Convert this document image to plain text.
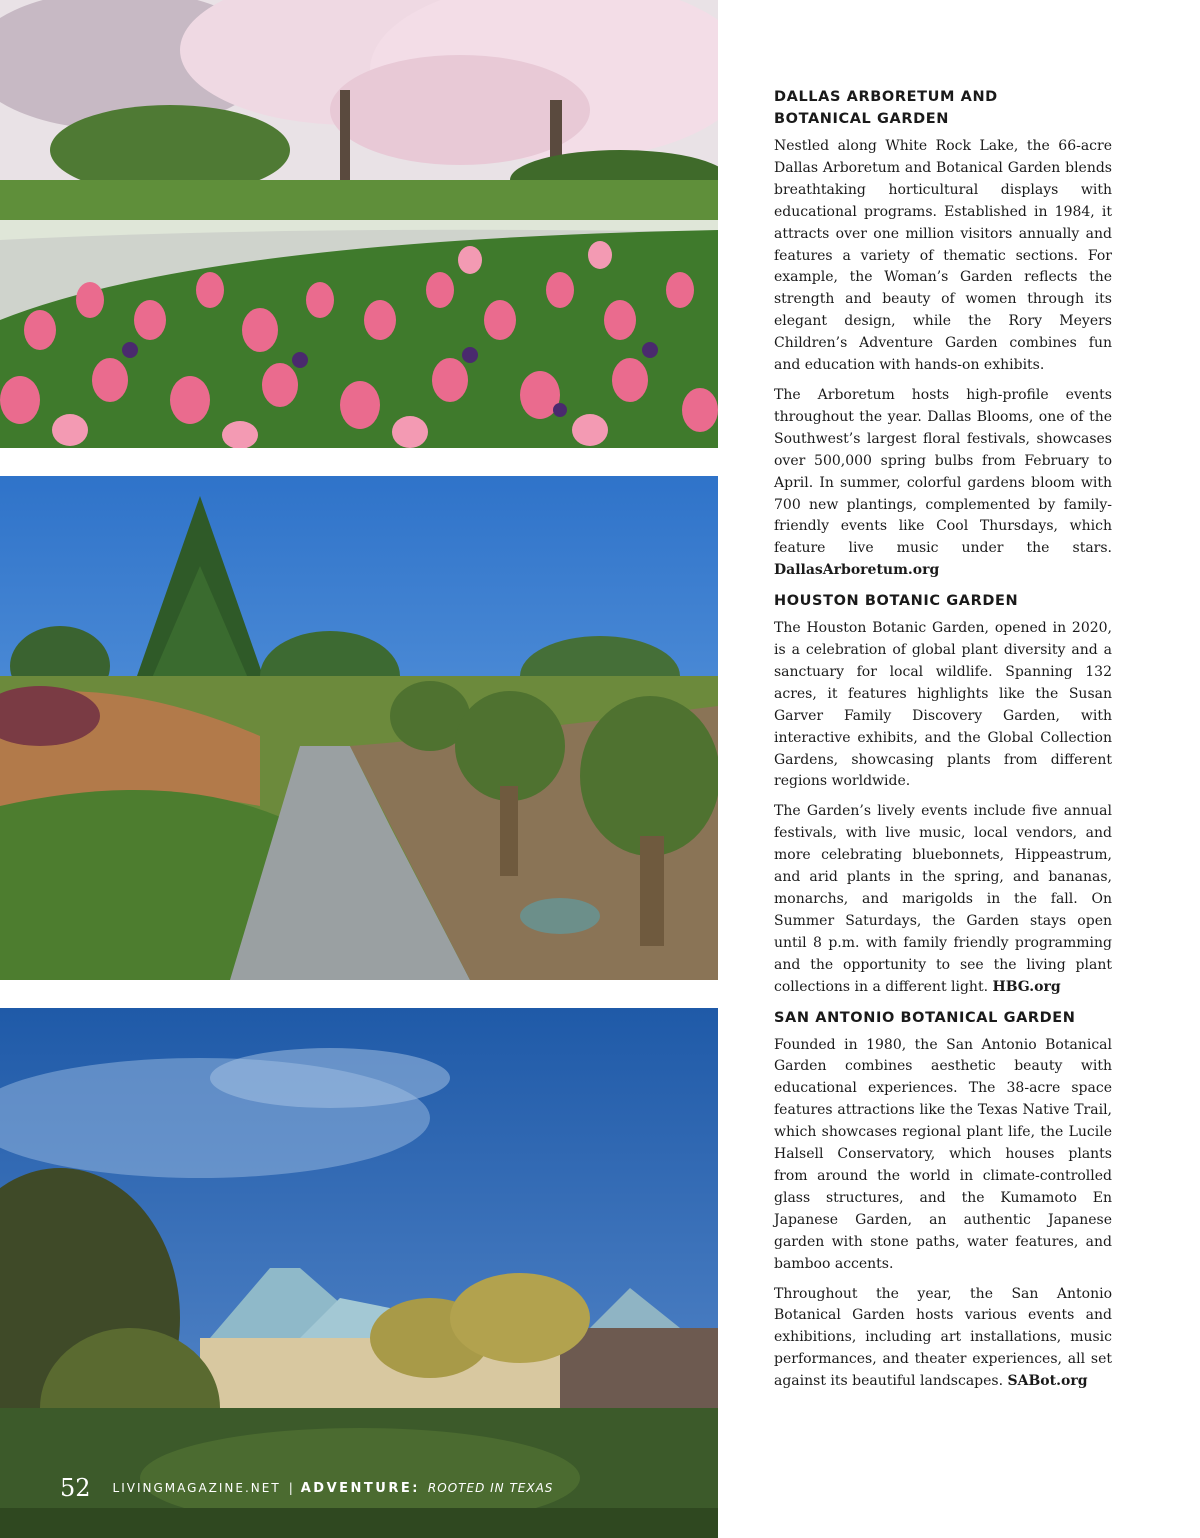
DALLAS ARBORETUM AND
BOTANICAL GARDEN

Nestled along White Rock Lake, the 66-acre Dallas Arboretum and Botanical Garden blends breathtaking horticultural displays with educational programs. Established in 1984, it attracts over one million visitors annually and features a variety of thematic sections. For example, the Woman’s Garden reflects the strength and beauty of women through its elegant design, while the Rory Meyers Children’s Adventure Garden combines fun and education with hands-on exhibits.

The Arboretum hosts high-profile events throughout the year. Dallas Blooms, one of the Southwest’s largest floral festivals, showcases over 500,000 spring bulbs from February to April. In summer, colorful gardens bloom with 700 new plantings, complemented by family-friendly events like Cool Thursdays, which feature live music under the stars. DallasArboretum.org

HOUSTON BOTANIC GARDEN

The Houston Botanic Garden, opened in 2020, is a celebration of global plant diversity and a sanctuary for local wildlife. Spanning 132 acres, it features highlights like the Susan Garver Family Discovery Garden, with interactive exhibits, and the Global Collection Gardens, showcasing plants from different regions worldwide.

The Garden’s lively events include five annual festivals, with live music, local vendors, and more celebrating bluebonnets, Hippeastrum, and arid plants in the spring, and bananas, monarchs, and marigolds in the fall. On Summer Saturdays, the Garden stays open until 8 p.m. with family friendly programming and the opportunity to see the living plant collections in a different light. HBG.org

SAN ANTONIO BOTANICAL GARDEN

Founded in 1980, the San Antonio Botanical Garden combines aesthetic beauty with educational experiences. The 38-acre space features attractions like the Texas Native Trail, which showcases regional plant life, the Lucile Halsell Conservatory, which houses plants from around the world in climate-controlled glass structures, and the Kumamoto En Japanese Garden, an authentic Japanese garden with stone paths, water features, and bamboo accents.

Throughout the year, the San Antonio Botanical Garden hosts various events and exhibitions, including art installations, music performances, and theater experiences, all set against its beautiful landscapes. SABot.org

52 LIVINGMAGAZINE.NET | ADVENTURE: ROOTED IN TEXAS
